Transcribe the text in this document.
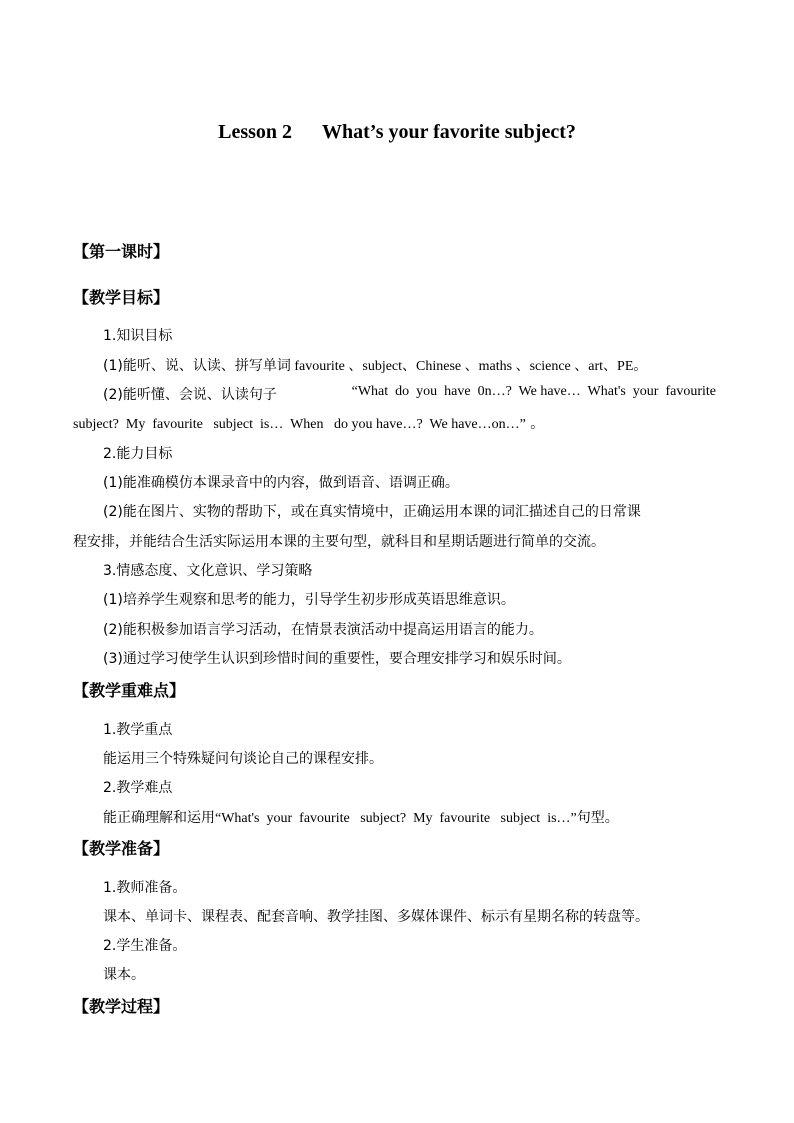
Lesson 2 What’s your favorite subject?
【第一课时】
【教学目标】
1.知识目标
(1)能听、说、认读、拼写单词 favourite 、subject、Chinese 、maths 、science 、art、PE。
(2)能听懂、会说、认读句子	“What  do  you  have  0n…?  We have…  What's  your  favourite
subject?  My  favourite   subject  is…  When   do you have…?  We have…on…” 。
2.能力目标
(1)能准确模仿本课录音中的内容，做到语音、语调正确。
(2)能在图片、实物的帮助下，或在真实情境中，正确运用本课的词汇描述自己的日常课
程安排，并能结合生活实际运用本课的主要句型，就科目和星期话题进行简单的交流。
3.情感态度、文化意识、学习策略
(1)培养学生观察和思考的能力，引导学生初步形成英语思维意识。
(2)能积极参加语言学习活动，在情景表演活动中提高运用语言的能力。
(3)通过学习使学生认识到珍惜时间的重要性，要合理安排学习和娱乐时间。
【教学重难点】
1.教学重点
能运用三个特殊疑问句谈论自己的课程安排。
2.教学难点
能正确理解和运用“What's  your  favourite   subject?  My  favourite   subject  is…”句型。
【教学准备】
1.教师准备。
课本、单词卡、课程表、配套音响、教学挂图、多媒体课件、标示有星期名称的转盘等。
2.学生准备。
课本。
【教学过程】
